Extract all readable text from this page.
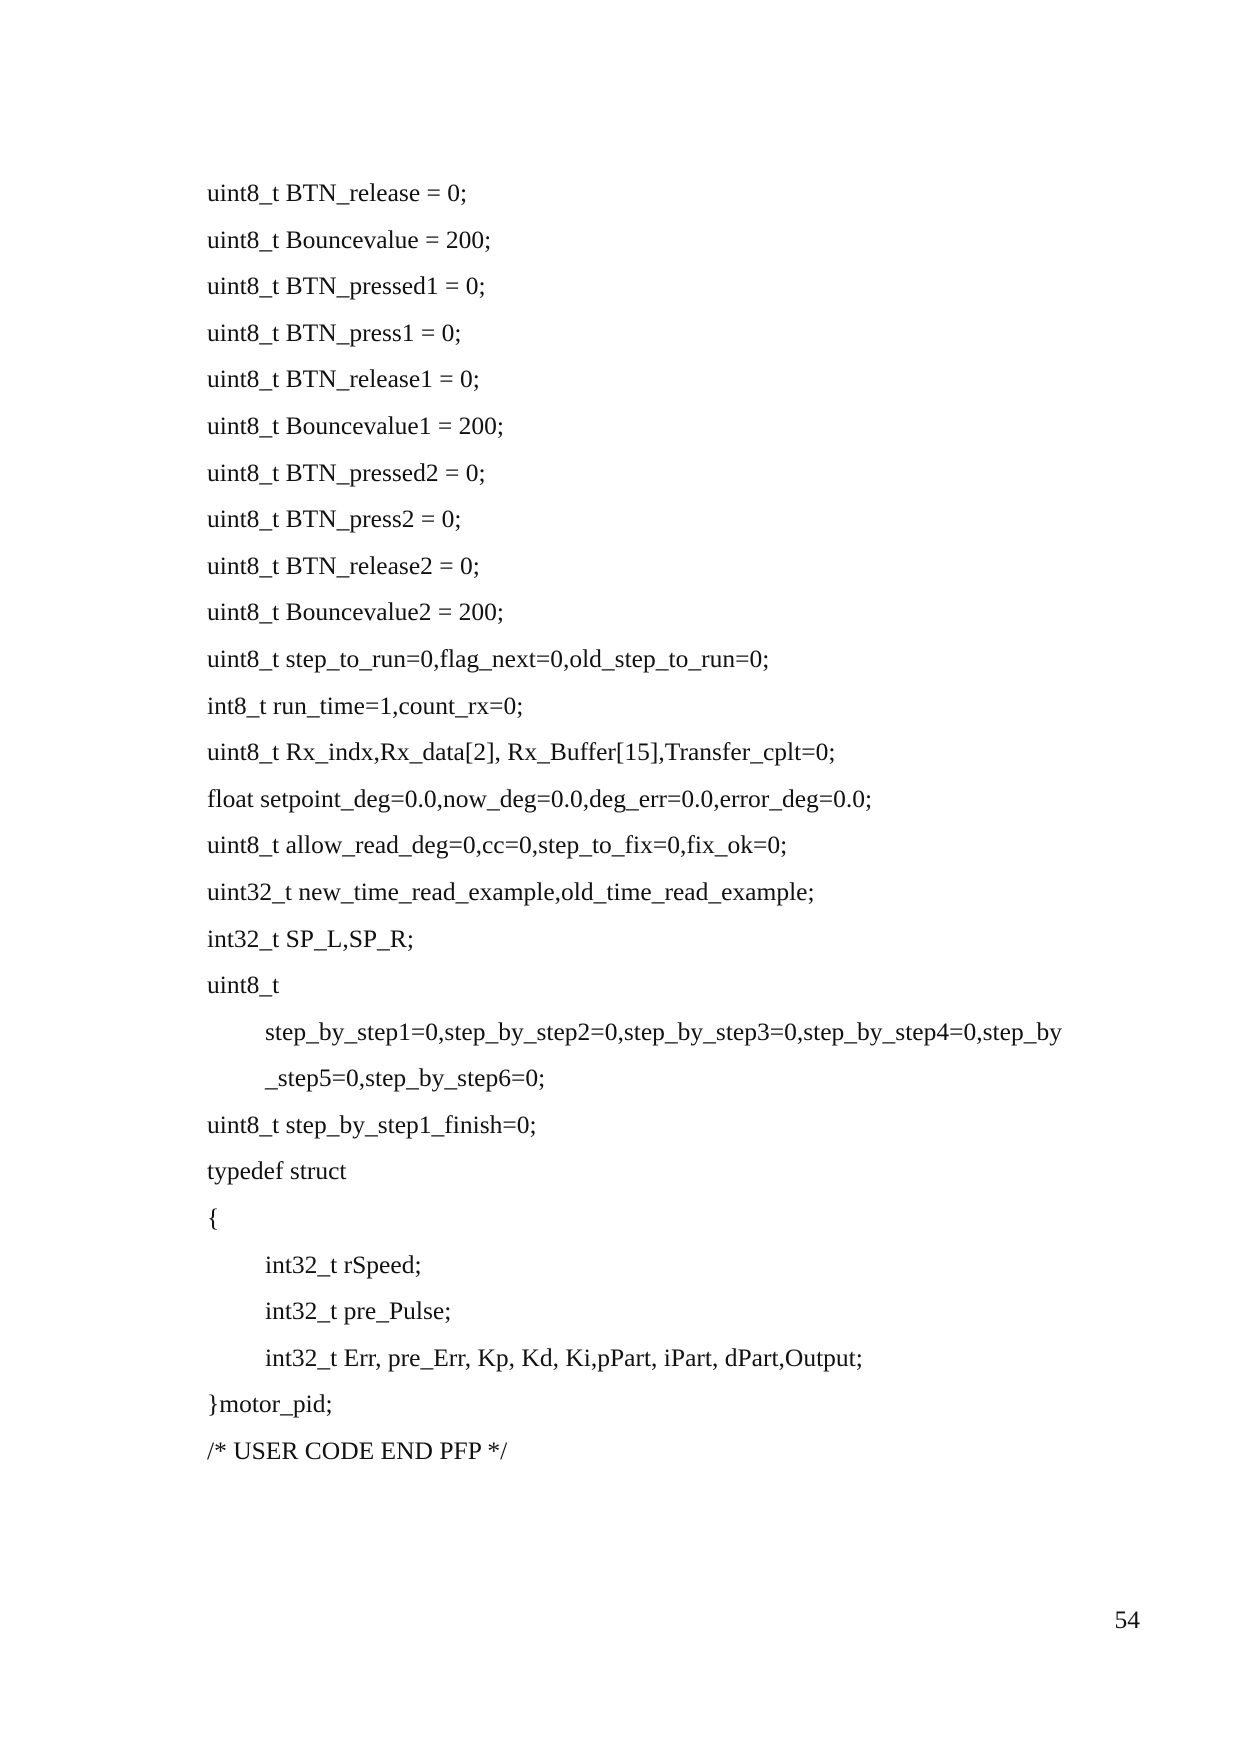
uint8_t BTN_release = 0;
uint8_t Bouncevalue = 200;
uint8_t BTN_pressed1 = 0;
uint8_t BTN_press1 = 0;
uint8_t BTN_release1 = 0;
uint8_t Bouncevalue1 = 200;
uint8_t BTN_pressed2 = 0;
uint8_t BTN_press2 = 0;
uint8_t BTN_release2 = 0;
uint8_t Bouncevalue2 = 200;
uint8_t step_to_run=0,flag_next=0,old_step_to_run=0;
int8_t run_time=1,count_rx=0;
uint8_t Rx_indx,Rx_data[2], Rx_Buffer[15],Transfer_cplt=0;
float setpoint_deg=0.0,now_deg=0.0,deg_err=0.0,error_deg=0.0;
uint8_t allow_read_deg=0,cc=0,step_to_fix=0,fix_ok=0;
uint32_t new_time_read_example,old_time_read_example;
int32_t SP_L,SP_R;
uint8_t
step_by_step1=0,step_by_step2=0,step_by_step3=0,step_by_step4=0,step_by
_step5=0,step_by_step6=0;
uint8_t step_by_step1_finish=0;
typedef struct
{
int32_t rSpeed;
int32_t pre_Pulse;
int32_t Err, pre_Err, Kp, Kd, Ki,pPart, iPart, dPart,Output;
}motor_pid;
/* USER CODE END PFP */
54
